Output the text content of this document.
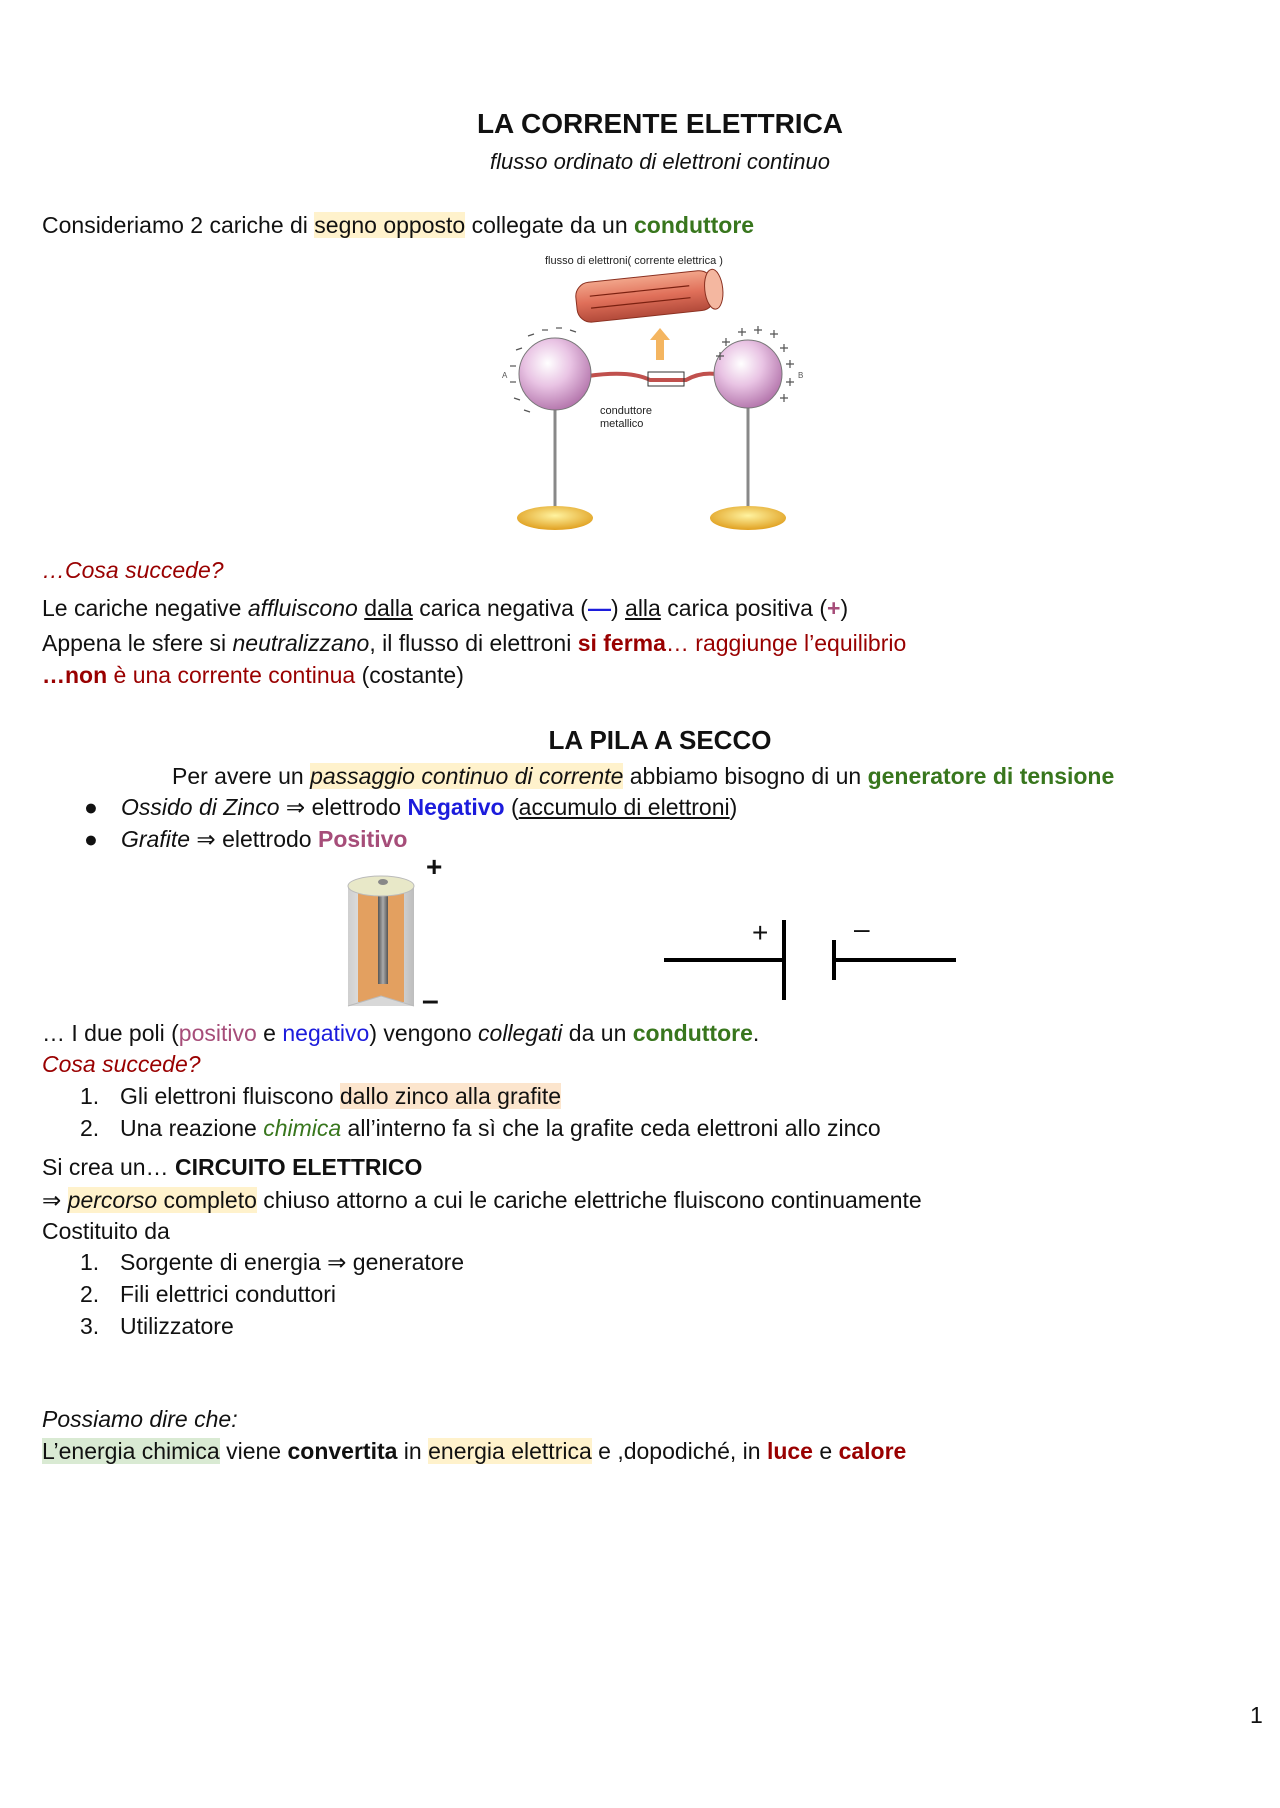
LA CORRENTE ELETTRICA
flusso ordinato di elettroni continuo
Consideriamo 2 cariche di segno opposto collegate da un conduttore
flusso di elettroni( corrente elettrica )
A	B
conduttore
metallico
…Cosa succede?
Le cariche negative affluiscono dalla carica negativa (—) alla carica positiva (+)
Appena le sfere si neutralizzano, il flusso di elettroni si ferma… raggiunge l’equilibrio
…non è una corrente continua (costante)
LA PILA A SECCO
Per avere un passaggio continuo di corrente abbiamo bisogno di un generatore di tensione
● Ossido di Zinco ⇒ elettrodo Negativo (accumulo di elettroni)
● Grafite ⇒ elettrodo Positivo
+
–
+	–
… I due poli (positivo e negativo) vengono collegati da un conduttore.
Cosa succede?
1. Gli elettroni fluiscono dallo zinco alla grafite
2. Una reazione chimica all’interno fa sì che la grafite ceda elettroni allo zinco
Si crea un… CIRCUITO ELETTRICO
⇒ percorso completo chiuso attorno a cui le cariche elettriche fluiscono continuamente
Costituito da
1. Sorgente di energia ⇒ generatore
2. Fili elettrici conduttori
3. Utilizzatore
Possiamo dire che:
L’energia chimica viene convertita in energia elettrica e ,dopodiché, in luce e calore
1
